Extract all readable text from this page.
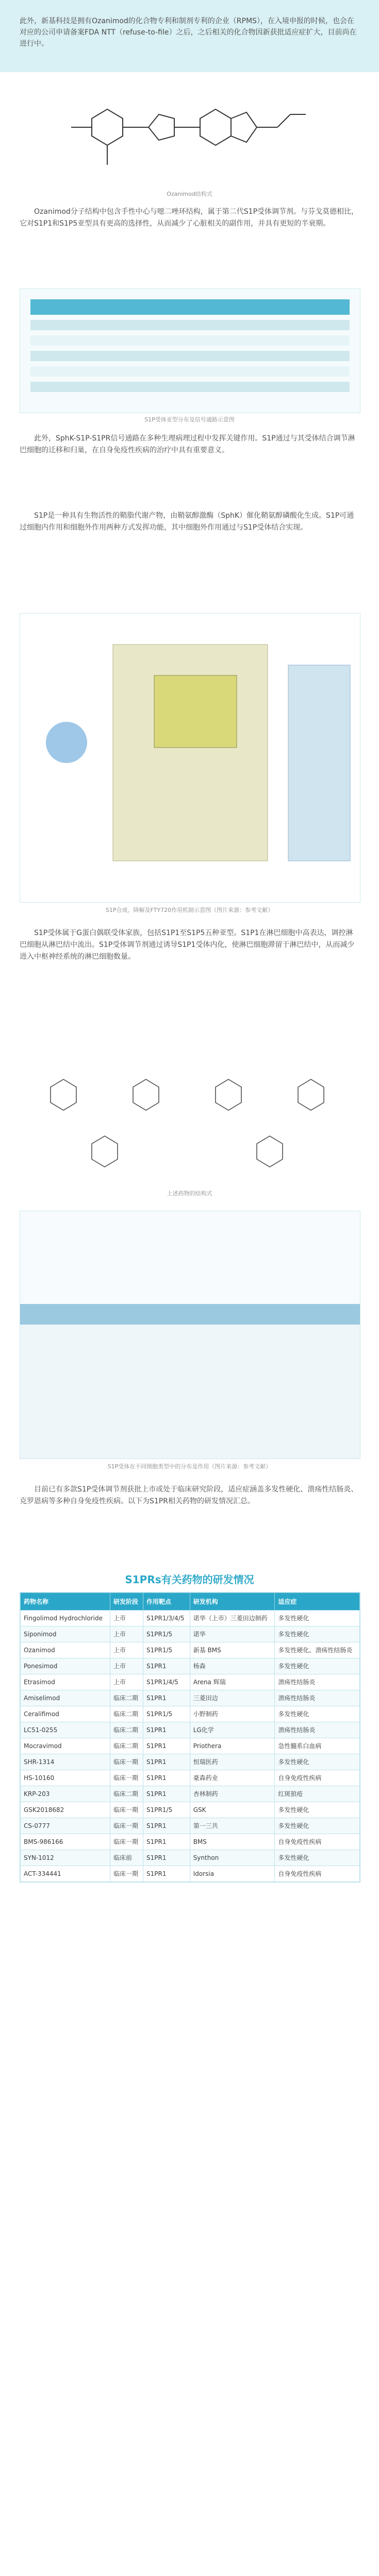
此外，新基科技是拥有Ozanimod的化合物专利和制剂专利的企业（RPMS），在入境申报的时候，也会在对应的公司申请备案FDA NTT（refuse-to-file）之后，之后相关的化合物因新获批适应症扩大，目前尚在进行中。
Ozanimod结构式
Ozanimod分子结构中包含手性中心与噁二唑环结构，属于第二代S1P受体调节剂。与芬戈莫德相比，它对S1P1和S1P5亚型具有更高的选择性，从而减少了心脏相关的副作用，并具有更短的半衰期。
S1P受体亚型分布及信号通路示意图
此外，SphK-S1P-S1PR信号通路在多种生理病理过程中发挥关键作用。S1P通过与其受体结合调节淋巴细胞的迁移和归巢，在自身免疫性疾病的治疗中具有重要意义。
S1P是一种具有生物活性的鞘脂代谢产物，由鞘氨醇激酶（SphK）催化鞘氨醇磷酸化生成。S1P可通过细胞内作用和细胞外作用两种方式发挥功能，其中细胞外作用通过与S1P受体结合实现。
S1P合成、降解及FTY720作用机制示意图（图片来源：参考文献）
S1P受体属于G蛋白偶联受体家族，包括S1P1至S1P5五种亚型。S1P1在淋巴细胞中高表达，调控淋巴细胞从淋巴结中流出。S1P受体调节剂通过诱导S1P1受体内化，使淋巴细胞滞留于淋巴结中，从而减少进入中枢神经系统的淋巴细胞数量。
上述药物的结构式
S1P受体在不同细胞类型中的分布及作用（图片来源：参考文献）
目前已有多款S1P受体调节剂获批上市或处于临床研究阶段，适应症涵盖多发性硬化、溃疡性结肠炎、克罗恩病等多种自身免疫性疾病。以下为S1PR相关药物的研发情况汇总。
S1PRs有关药物的研发情况
药物名称	研发阶段	作用靶点	研发机构	适应症
Fingolimod Hydrochloride	上市	S1PR1/3/4/5	诺华（上市）三菱田边制药	多发性硬化
Siponimod	上市	S1PR1/5	诺华	多发性硬化
Ozanimod	上市	S1PR1/5	新基 BMS	多发性硬化、溃疡性结肠炎
Ponesimod	上市	S1PR1	杨森	多发性硬化
Etrasimod	上市	S1PR1/4/5	Arena 辉瑞	溃疡性结肠炎
Amiselimod	临床二期	S1PR1	三菱田边	溃疡性结肠炎
Ceralifimod	临床二期	S1PR1/5	小野制药	多发性硬化
LC51-0255	临床二期	S1PR1	LG化学	溃疡性结肠炎
Mocravimod	临床二期	S1PR1	Priothera	急性髓系白血病
SHR-1314	临床一期	S1PR1	恒瑞医药	多发性硬化
HS-10160	临床一期	S1PR1	豪森药业	自身免疫性疾病
KRP-203	临床二期	S1PR1	杏林制药	红斑狼疮
GSK2018682	临床一期	S1PR1/5	GSK	多发性硬化
CS-0777	临床一期	S1PR1	第一三共	多发性硬化
BMS-986166	临床一期	S1PR1	BMS	自身免疫性疾病
SYN-1012	临床前	S1PR1	Synthon	多发性硬化
ACT-334441	临床一期	S1PR1	Idorsia	自身免疫性疾病
